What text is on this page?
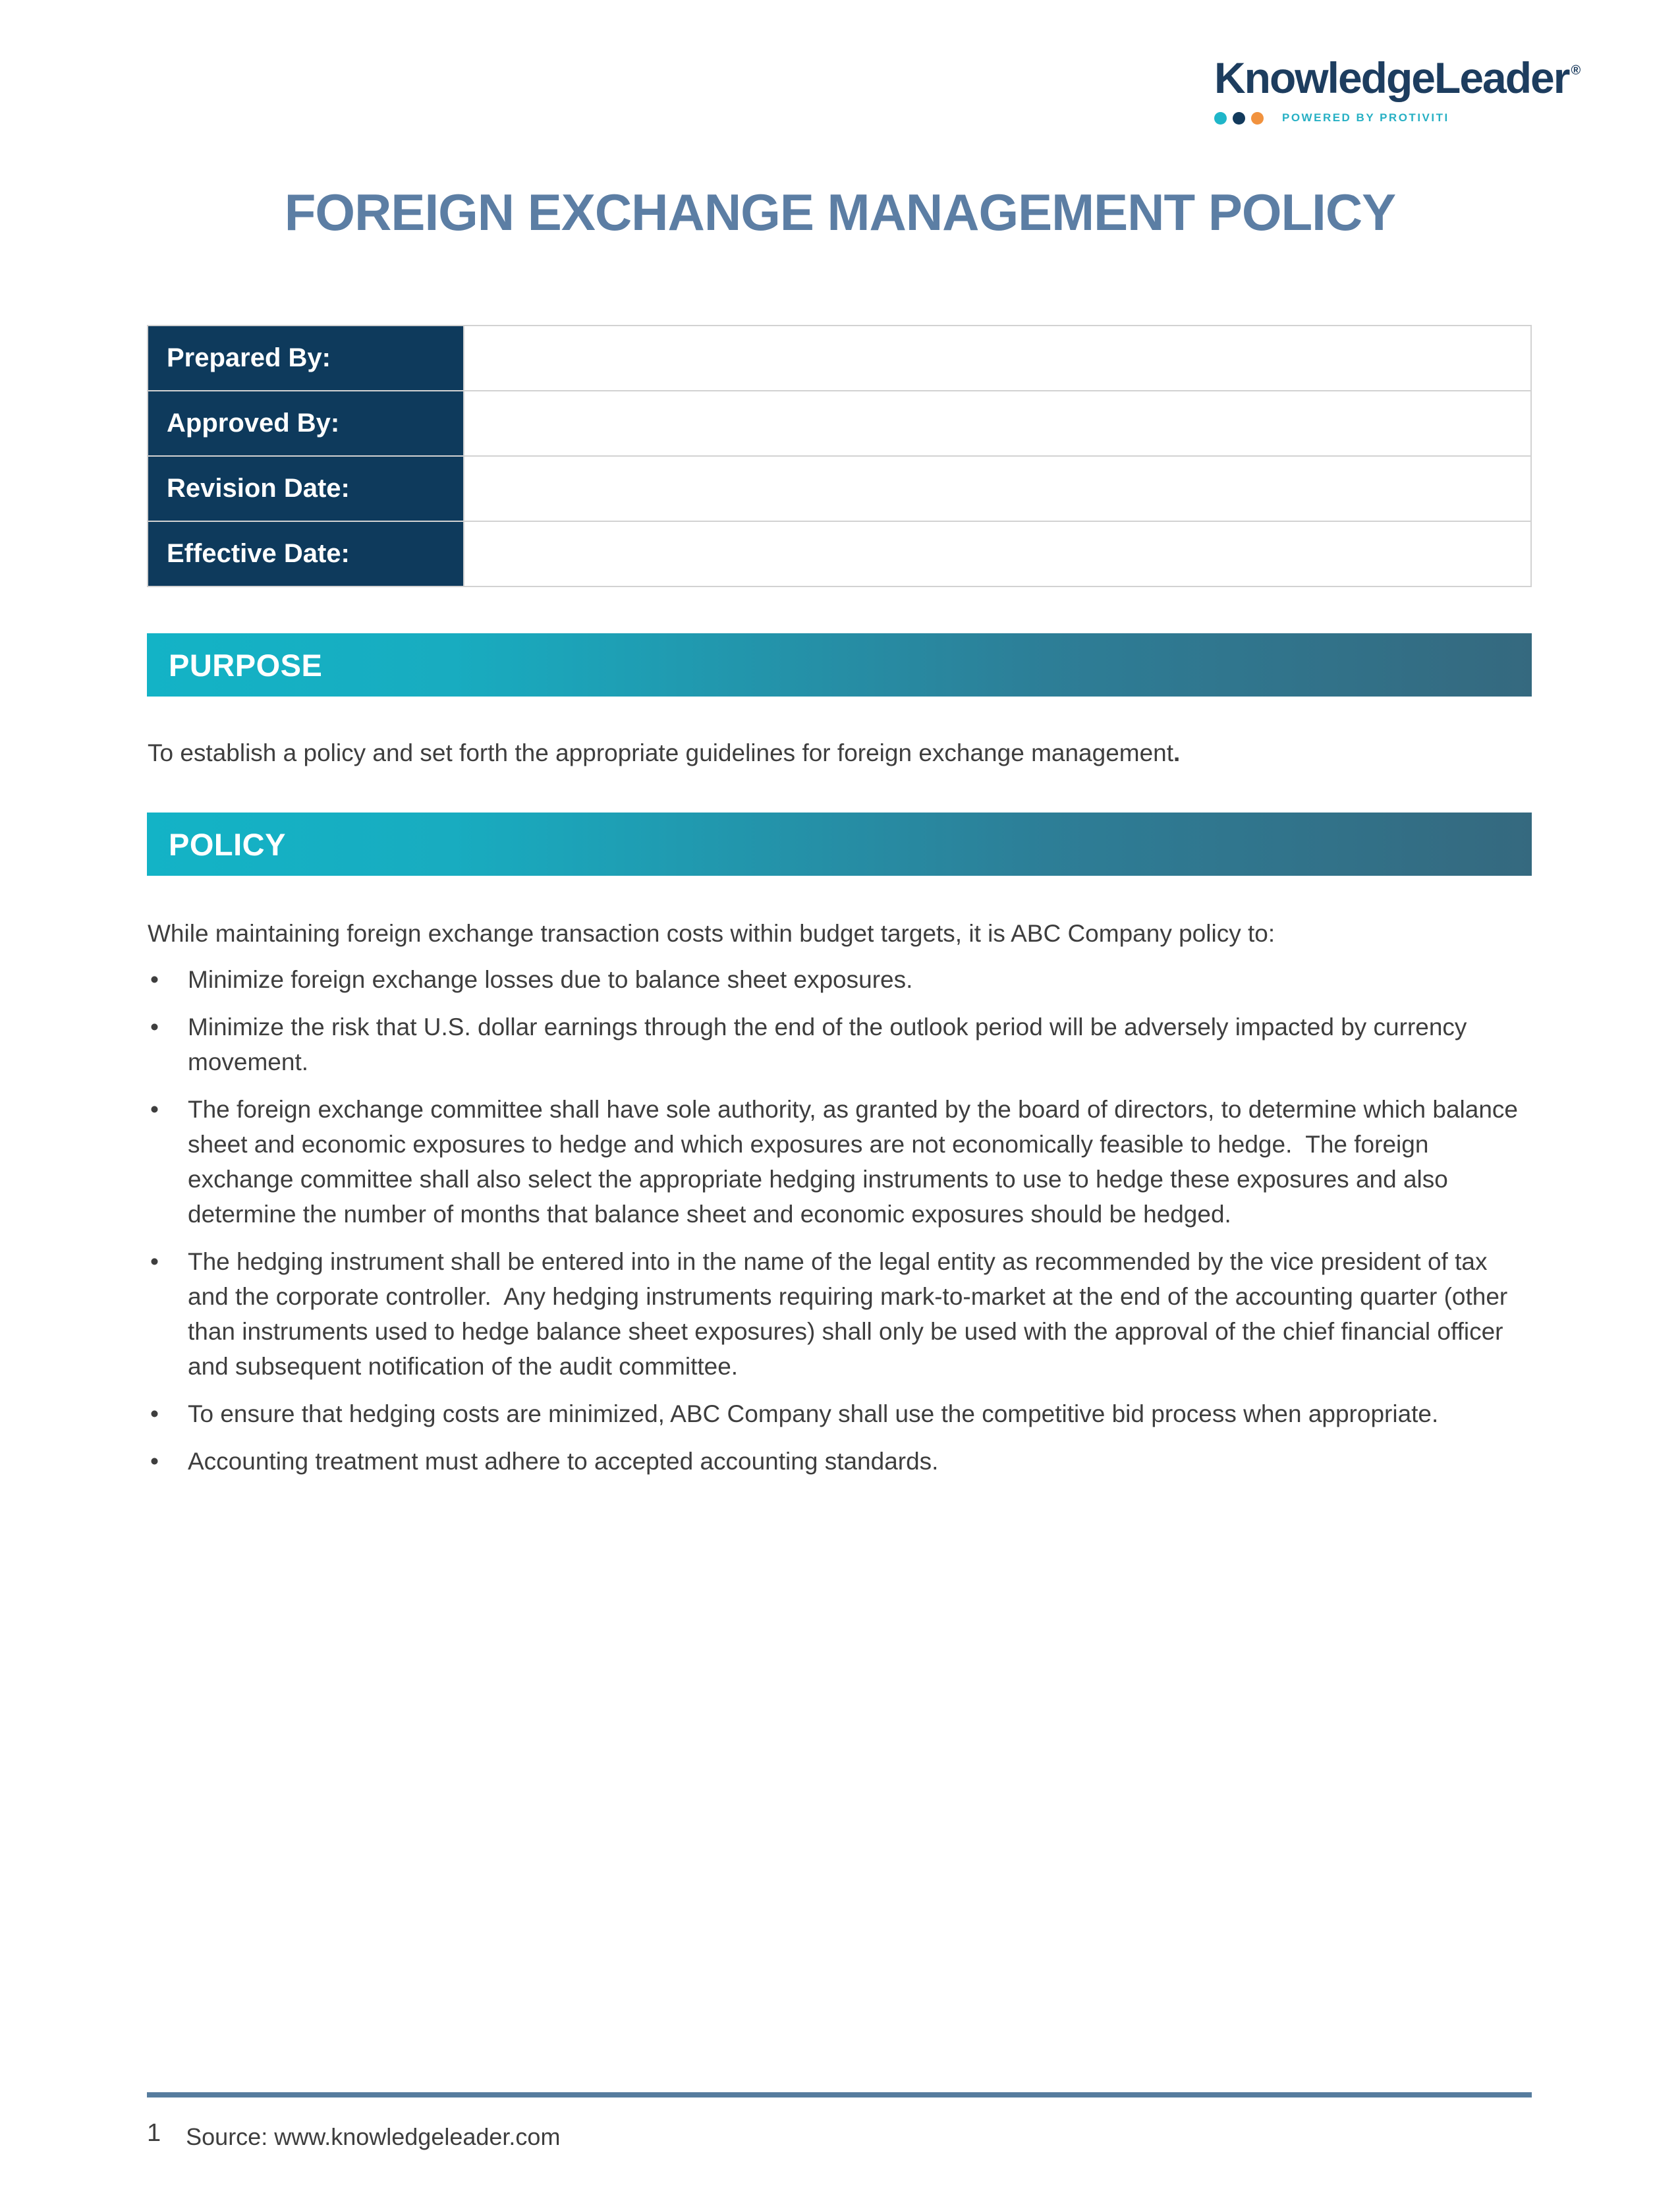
KnowledgeLeader ®
POWERED BY PROTIVITI
FOREIGN EXCHANGE MANAGEMENT POLICY
Prepared By:	
Approved By:	
Revision Date:	
Effective Date:	
PURPOSE
To establish a policy and set forth the appropriate guidelines for foreign exchange management.
POLICY
While maintaining foreign exchange transaction costs within budget targets, it is ABC Company policy to:
• Minimize foreign exchange losses due to balance sheet exposures.
• Minimize the risk that U.S. dollar earnings through the end of the outlook period will be adversely impacted by currency movement.
• The foreign exchange committee shall have sole authority, as granted by the board of directors, to determine which balance sheet and economic exposures to hedge and which exposures are not economically feasible to hedge.  The foreign exchange committee shall also select the appropriate hedging instruments to use to hedge these exposures and also determine the number of months that balance sheet and economic exposures should be hedged.
• The hedging instrument shall be entered into in the name of the legal entity as recommended by the vice president of tax and the corporate controller.  Any hedging instruments requiring mark-to-market at the end of the accounting quarter (other than instruments used to hedge balance sheet exposures) shall only be used with the approval of the chief financial officer and subsequent notification of the audit committee.
• To ensure that hedging costs are minimized, ABC Company shall use the competitive bid process when appropriate.
• Accounting treatment must adhere to accepted accounting standards.
1 Source: www.knowledgeleader.com
